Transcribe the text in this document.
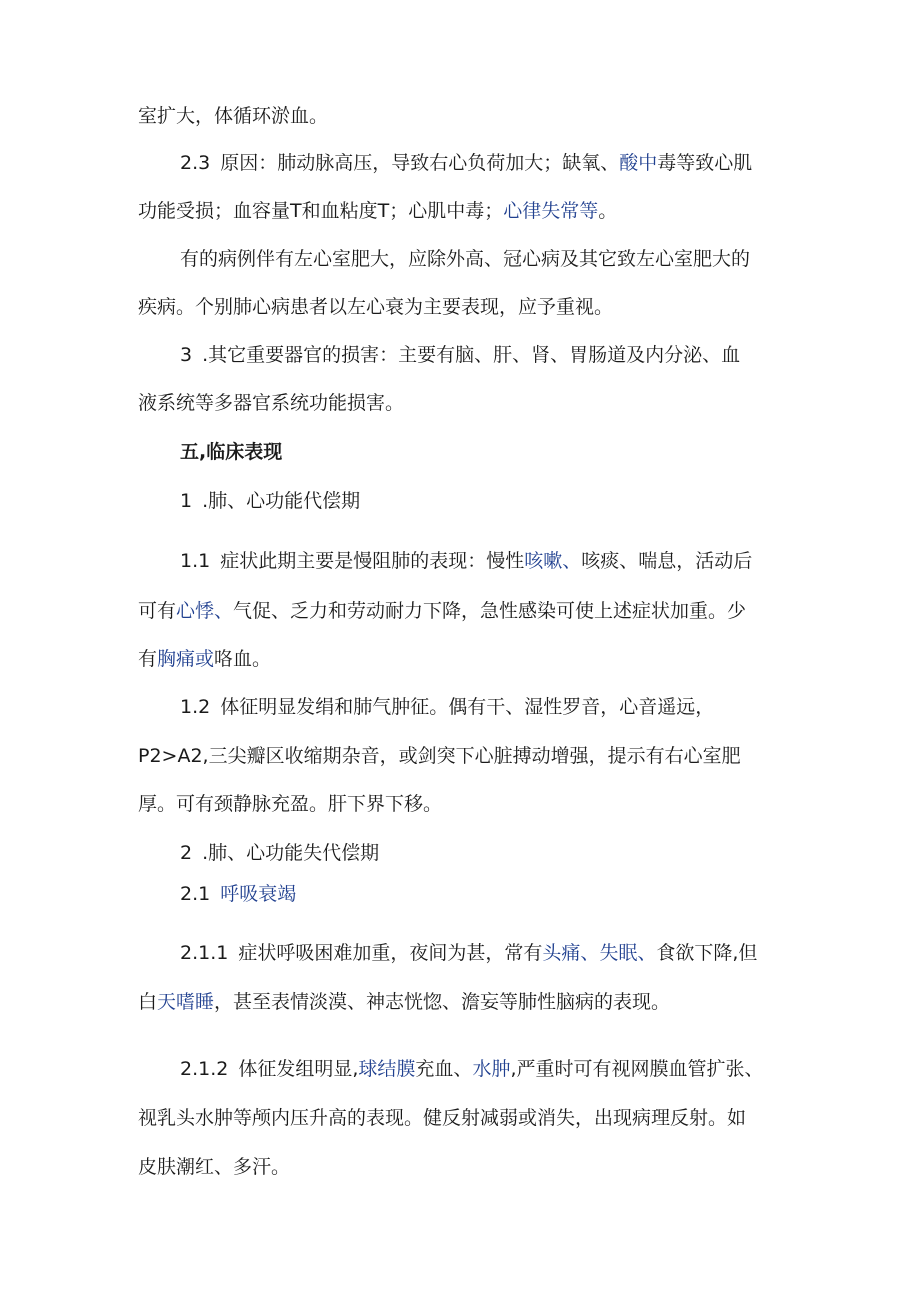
室扩大，体循环淤血。
2.3 原因：肺动脉高压，导致右心负荷加大；缺氧、酸中毒等致心肌
功能受损；血容量T和血粘度T；心肌中毒；心律失常等。
有的病例伴有左心室肥大，应除外高、冠心病及其它致左心室肥大的
疾病。个别肺心病患者以左心衰为主要表现，应予重视。
3 .其它重要器官的损害：主要有脑、肝、肾、胃肠道及内分泌、血
液系统等多器官系统功能损害。
五,临床表现
1 .肺、心功能代偿期
1.1 症状此期主要是慢阻肺的表现：慢性咳嗽、咳痰、喘息，活动后
可有心悸、气促、乏力和劳动耐力下降，急性感染可使上述症状加重。少
有胸痛或咯血。
1.2 体征明显发绢和肺气肿征。偶有干、湿性罗音，心音遥远，
P2>A2,三尖瓣区收缩期杂音，或剑突下心脏搏动增强，提示有右心室肥
厚。可有颈静脉充盈。肝下界下移。
2 .肺、心功能失代偿期
2.1 呼吸衰竭
2.1.1 症状呼吸困难加重，夜间为甚，常有头痛、失眠、食欲下降,但
白天嗜睡，甚至表情淡漠、神志恍惚、澹妄等肺性脑病的表现。
2.1.2 体征发组明显,球结膜充血、水肿,严重时可有视网膜血管扩张、
视乳头水肿等颅内压升高的表现。健反射减弱或消失，出现病理反射。如
皮肤潮红、多汗。
